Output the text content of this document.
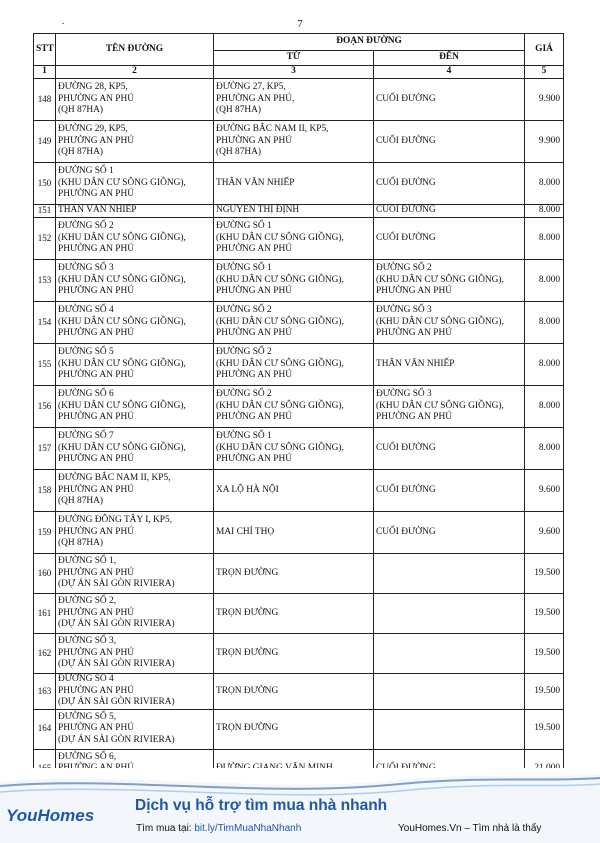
.	7
STT	TÊN ĐƯỜNG	ĐOẠN ĐƯỜNG		GIÁ
		TỪ	ĐẾN	
1	2	3	4	5
148	ĐƯỜNG 28, KP5,
PHƯỜNG AN PHÚ
(QH 87HA)	ĐƯỜNG 27, KP5,
PHƯỜNG AN PHÚ,
(QH 87HA)	CUỐI ĐƯỜNG	9.900
149	ĐƯỜNG 29, KP5,
PHƯỜNG AN PHÚ
(QH 87HA)	ĐƯỜNG BẮC NAM II, KP5,
PHƯỜNG AN PHÚ
(QH 87HA)	CUỐI ĐƯỜNG	9.900
150	ĐƯỜNG SỐ 1
(KHU DÂN CƯ SÔNG GIỒNG),
PHƯỜNG AN PHÚ	THÂN VĂN NHIẾP	CUỐI ĐƯỜNG	8.000
151	THÂN VĂN NHIẾP	NGUYỄN THỊ ĐỊNH	CUỐI ĐƯỜNG	8.000
152	ĐƯỜNG SỐ 2
(KHU DÂN CƯ SÔNG GIỒNG),
PHƯỜNG AN PHÚ	ĐƯỜNG SỐ 1
(KHU DÂN CƯ SÔNG GIỒNG),
PHƯỜNG AN PHÚ	CUỐI ĐƯỜNG	8.000
153	ĐƯỜNG SỐ 3
(KHU DÂN CƯ SÔNG GIỒNG),
PHƯỜNG AN PHÚ	ĐƯỜNG SỐ 1
(KHU DÂN CƯ SÔNG GIỒNG),
PHƯỜNG AN PHÚ	ĐƯỜNG SỐ 2
(KHU DÂN CƯ SÔNG GIỒNG),
PHƯỜNG AN PHÚ	8.000
154	ĐƯỜNG SỐ 4
(KHU DÂN CƯ SÔNG GIỒNG),
PHƯỜNG AN PHÚ	ĐƯỜNG SỐ 2
(KHU DÂN CƯ SÔNG GIỒNG),
PHƯỜNG AN PHÚ	ĐƯỜNG SỐ 3
(KHU DÂN CƯ SÔNG GIỒNG),
PHƯỜNG AN PHÚ	8.000
155	ĐƯỜNG SỐ 5
(KHU DÂN CƯ SÔNG GIỒNG),
PHƯỜNG AN PHÚ	ĐƯỜNG SỐ 2
(KHU DÂN CƯ SÔNG GIỒNG),
PHƯỜNG AN PHÚ	THÂN VĂN NHIẾP	8.000
156	ĐƯỜNG SỐ 6
(KHU DÂN CƯ SÔNG GIỒNG),
PHƯỜNG AN PHÚ	ĐƯỜNG SỐ 2
(KHU DÂN CƯ SÔNG GIỒNG),
PHƯỜNG AN PHÚ	ĐƯỜNG SỐ 3
(KHU DÂN CƯ SÔNG GIỒNG),
PHƯỜNG AN PHÚ	8.000
157	ĐƯỜNG SỐ 7
(KHU DÂN CƯ SÔNG GIỒNG),
PHƯỜNG AN PHÚ	ĐƯỜNG SỐ 1
(KHU DÂN CƯ SÔNG GIỒNG),
PHƯỜNG AN PHÚ	CUỐI ĐƯỜNG	8.000
158	ĐƯỜNG BẮC NAM II, KP5,
PHƯỜNG AN PHÚ
(QH 87HA)	XA LỘ HÀ NỘI	CUỐI ĐƯỜNG	9.600
159	ĐƯỜNG ĐÔNG TÂY I, KP5,
PHƯỜNG AN PHÚ
(QH 87HA)	MAI CHÍ THỌ	CUỐI ĐƯỜNG	9.600
160	ĐƯỜNG SỐ 1,
PHƯỜNG AN PHÚ
(DỰ ÁN SÀI GÒN RIVIERA)	TRỌN ĐƯỜNG		19.500
161	ĐƯỜNG SỐ 2,
PHƯỜNG AN PHÚ
(DỰ ÁN SÀI GÒN RIVIERA)	TRỌN ĐƯỜNG		19.500
162	ĐƯỜNG SỐ 3,
PHƯỜNG AN PHÚ
(DỰ ÁN SÀI GÒN RIVIERA)	TRỌN ĐƯỜNG		19.500
163	ĐƯỜNG SỐ 4
PHƯỜNG AN PHÚ
(DỰ ÁN SÀI GÒN RIVIERA)	TRỌN ĐƯỜNG		19.500
164	ĐƯỜNG SỐ 5,
PHƯỜNG AN PHÚ
(DỰ ÁN SÀI GÒN RIVIERA)	TRỌN ĐƯỜNG		19.500

ĐƯỜNG SỐ 6,

YouHomes
Dịch vụ hỗ trợ tìm mua nhà nhanh
Tìm mua tại: bit.ly/TimMuaNhaNhanh	YouHomes.Vn – Tìm nhà là thấy
